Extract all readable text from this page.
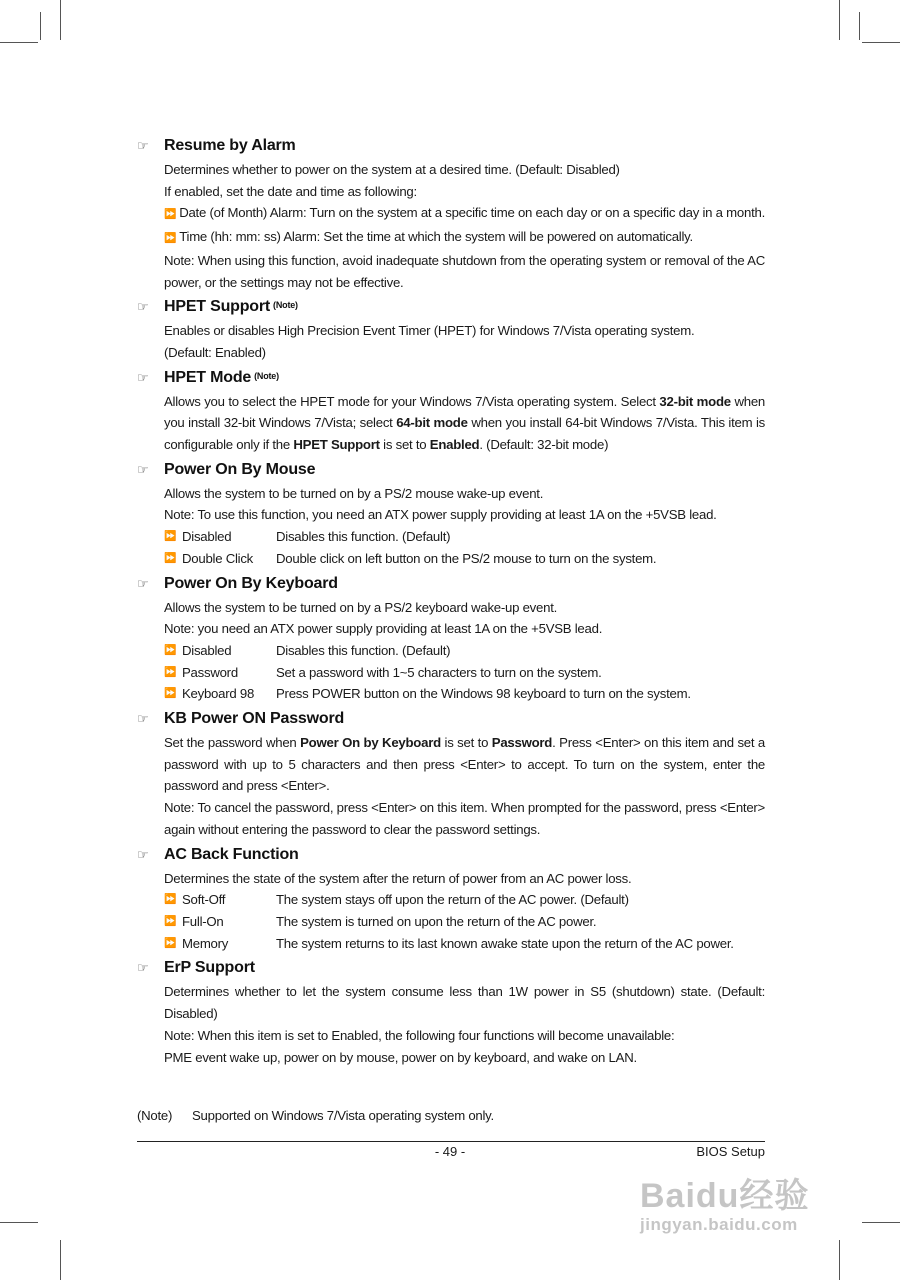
☞ Resume by Alarm

Determines whether to power on the system at a desired time. (Default: Disabled)

If enabled, set the date and time as following:

⏩ Date (of Month) Alarm: Turn on the system at a specific time on each day or on a specific day in a month.

⏩ Time (hh: mm: ss) Alarm: Set the time at which the system will be powered on automatically.

Note: When using this function, avoid inadequate shutdown from the operating system or removal of the AC power, or the settings may not be effective.

☞ HPET Support (Note)

Enables or disables High Precision Event Timer (HPET) for Windows 7/Vista operating system.

(Default: Enabled)

☞ HPET Mode (Note)

Allows you to select the HPET mode for your Windows 7/Vista operating system. Select 32-bit mode when you install 32-bit Windows 7/Vista; select 64-bit mode when you install 64-bit Windows 7/Vista. This item is configurable only if the HPET Support is set to Enabled. (Default: 32-bit mode)

☞ Power On By Mouse

Allows the system to be turned on by a PS/2 mouse wake-up event.

Note: To use this function, you need an ATX power supply providing at least 1A on the +5VSB lead.

⏩ Disabled	Disables this function. (Default)
⏩ Double Click	Double click on left button on the PS/2 mouse to turn on the system.
☞ Power On By Keyboard

Allows the system to be turned on by a PS/2 keyboard wake-up event.

Note: you need an ATX power supply providing at least 1A on the +5VSB lead.

⏩ Disabled	Disables this function. (Default)
⏩ Password	Set a password with 1~5 characters to turn on the system.
⏩ Keyboard 98	Press POWER button on the Windows 98 keyboard to turn on the system.
☞ KB Power ON Password

Set the password when Power On by Keyboard is set to Password. Press <Enter> on this item and set a password with up to 5 characters and then press <Enter> to accept. To turn on the system, enter the password and press <Enter>.

Note: To cancel the password, press <Enter> on this item. When prompted for the password, press <Enter> again without entering the password to clear the password settings.

☞ AC Back Function

Determines the state of the system after the return of power from an AC power loss.

⏩ Soft-Off	The system stays off upon the return of the AC power. (Default)
⏩ Full-On	The system is turned on upon the return of the AC power.
⏩ Memory	The system returns to its last known awake state upon the return of the AC power.
☞ ErP Support

Determines whether to let the system consume less than 1W power in S5 (shutdown) state. (Default: Disabled)

Note: When this item is set to Enabled, the following four functions will become unavailable:

PME event wake up, power on by mouse, power on by keyboard, and wake on LAN.

(Note)	Supported on Windows 7/Vista operating system only.
- 49 -	BIOS Setup
Baidu经验
jingyan.baidu.com
